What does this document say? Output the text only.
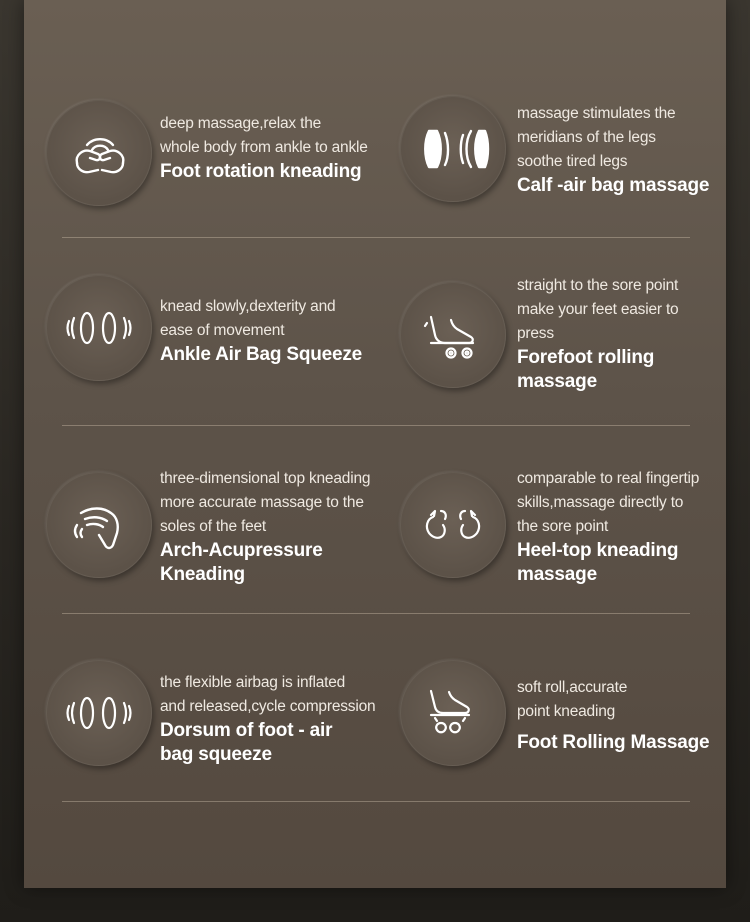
deep massage,relax the
whole body from ankle to ankle
Foot rotation kneading
massage stimulates the
meridians of the legs
soothe tired legs
Calf -air bag massage
knead slowly,dexterity and
ease of movement
Ankle Air Bag Squeeze
straight to the sore point
make your feet easier to
press
Forefoot rolling
massage
three-dimensional top kneading
more accurate massage to the
soles of the feet
Arch-Acupressure
Kneading
comparable to real fingertip
skills,massage directly to
the sore point
Heel-top kneading
massage
the flexible airbag is inflated
and released,cycle compression
Dorsum of foot - air
bag squeeze
soft roll,accurate
point kneading
Foot Rolling Massage
